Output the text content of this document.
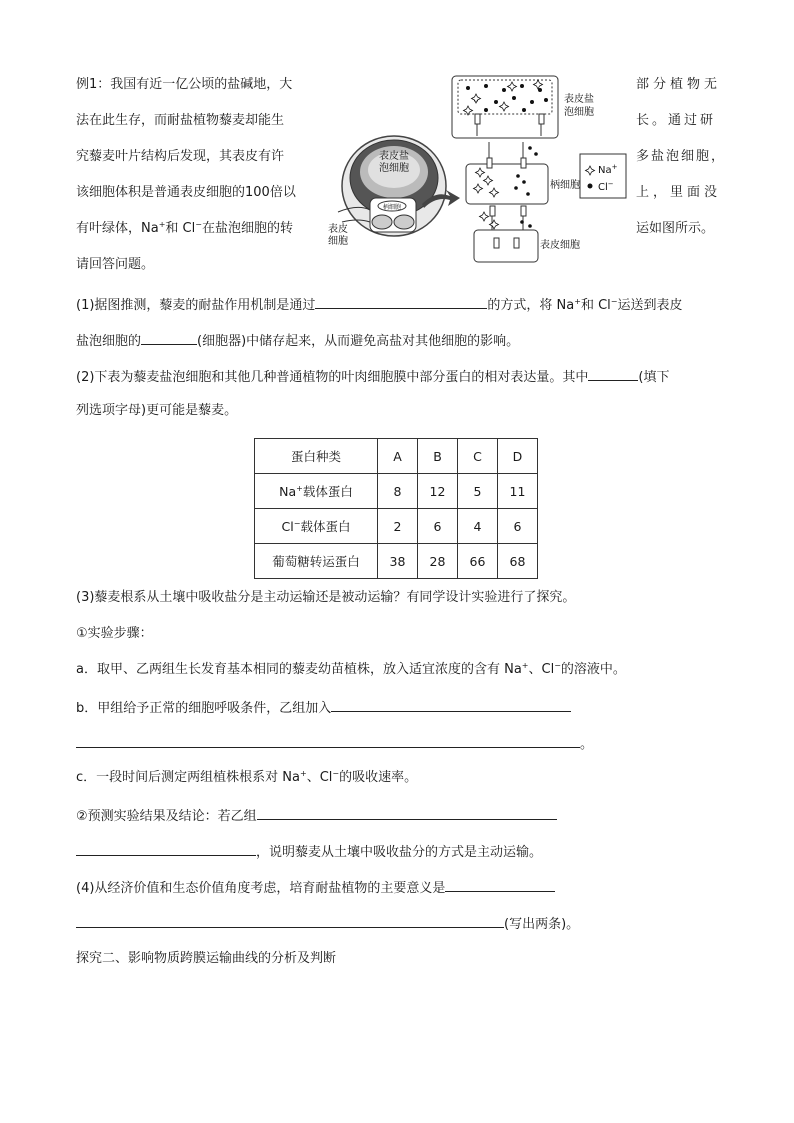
例1：我国有近一亿公顷的盐碱地，大
法在此生存，而耐盐植物藜麦却能生
究藜麦叶片结构后发现，其表皮有许
该细胞体积是普通表皮细胞的100倍以
有叶绿体，Na+和 Cl−在盐泡细胞的转
请回答问题。
部分植物无
长。通过研
多盐泡细胞，
上，里面没
运如图所示。
表皮盐
泡细胞
柄细胞
表皮
细胞
表皮盐
泡细胞
柄细胞
表皮细胞
Na+
Cl−
(1)据图推测，藜麦的耐盐作用机制是通过	的方式，将 Na+和 Cl−运送到表皮
盐泡细胞的	(细胞器)中储存起来，从而避免高盐对其他细胞的影响。
(2)下表为藜麦盐泡细胞和其他几种普通植物的叶肉细胞膜中部分蛋白的相对表达量。其中	(填下
列选项字母)更可能是藜麦。
蛋白种类	A	B	C	D
Na+载体蛋白	8	12	5	11
Cl−载体蛋白	2	6	4	6
葡萄糖转运蛋白	38	28	66	68
(3)藜麦根系从土壤中吸收盐分是主动运输还是被动运输？有同学设计实验进行了探究。
①实验步骤：
a．取甲、乙两组生长发育基本相同的藜麦幼苗植株，放入适宜浓度的含有 Na+、Cl−的溶液中。
b．甲组给予正常的细胞呼吸条件，乙组加入
。
c．一段时间后测定两组植株根系对 Na+、Cl−的吸收速率。
②预测实验结果及结论：若乙组
，说明藜麦从土壤中吸收盐分的方式是主动运输。
(4)从经济价值和生态价值角度考虑，培育耐盐植物的主要意义是
(写出两条)。
探究二、影响物质跨膜运输曲线的分析及判断
